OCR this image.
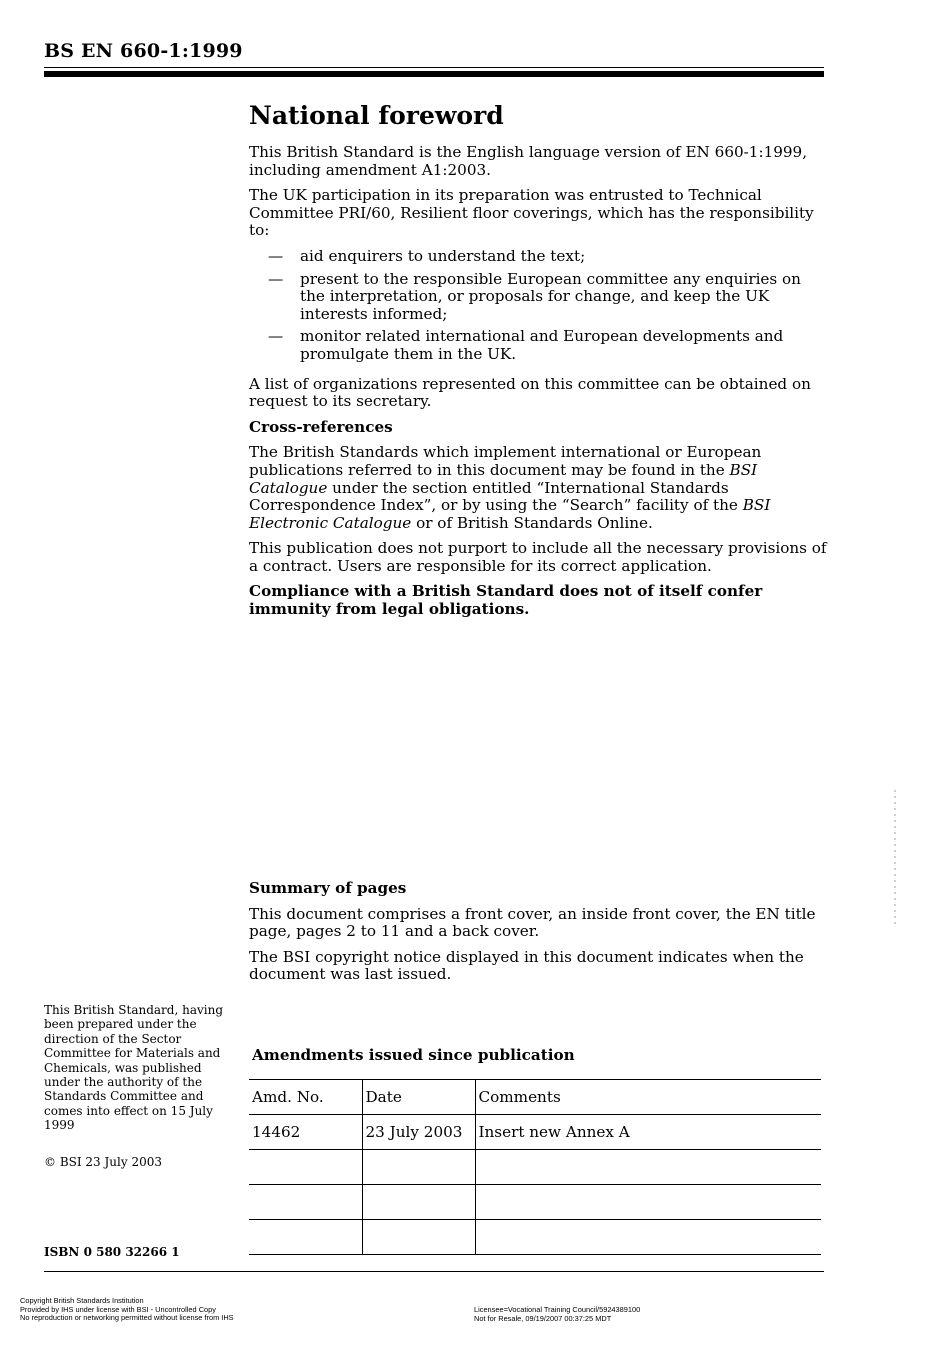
BS EN 660-1:1999
National foreword

This British Standard is the English language version of EN 660-1:1999, including amendment A1:2003.

The UK participation in its preparation was entrusted to Technical Committee PRI/60, Resilient floor coverings, which has the responsibility to:

— aid enquirers to understand the text;
— present to the responsible European committee any enquiries on the interpretation, or proposals for change, and keep the UK interests informed;
— monitor related international and European developments and promulgate them in the UK.

A list of organizations represented on this committee can be obtained on request to its secretary.

Cross-references

The British Standards which implement international or European publications referred to in this document may be found in the BSI Catalogue under the section entitled “International Standards Correspondence Index”, or by using the “Search” facility of the BSI Electronic Catalogue or of British Standards Online.

This publication does not purport to include all the necessary provisions of a contract. Users are responsible for its correct application.

Compliance with a British Standard does not of itself confer immunity from legal obligations.

Summary of pages

This document comprises a front cover, an inside front cover, the EN title page, pages 2 to 11 and a back cover.

The BSI copyright notice displayed in this document indicates when the document was last issued.

This British Standard, having been prepared under the direction of the Sector Committee for Materials and Chemicals, was published under the authority of the Standards Committee and comes into effect on 15 July 1999

© BSI 23 July 2003

ISBN 0 580 32266 1
Amendments issued since publication
Amd. No.	Date	Comments
14462	23 July 2003	Insert new Annex A

Copyright British Standards Institution
Provided by IHS under license with BSI - Uncontrolled Copy
No reproduction or networking permitted without license from IHS
Licensee=Vocational Training Council/5924389100
Not for Resale, 09/19/2007 00:37:25 MDT
